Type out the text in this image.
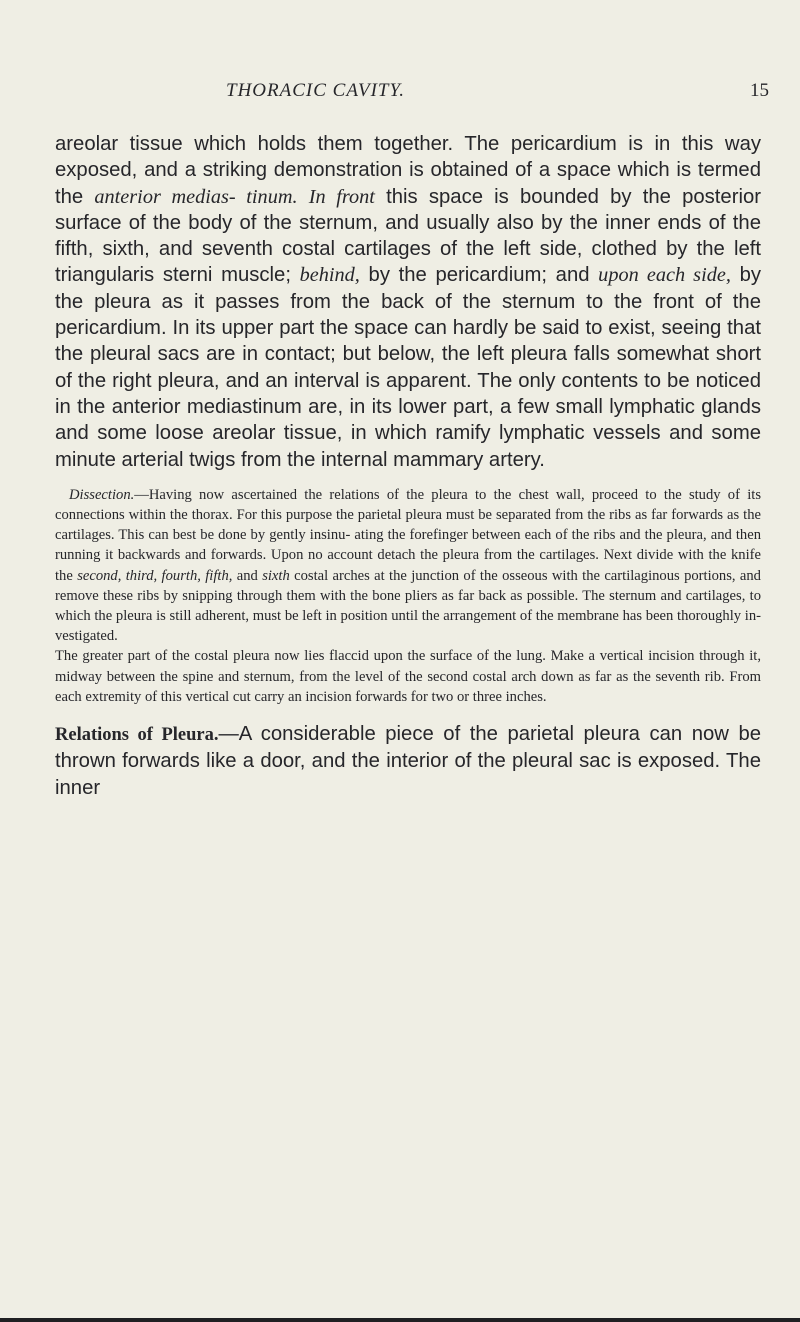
THORACIC CAVITY.	15

areolar tissue which holds them together. The pericardium is in this way exposed, and a striking demonstration is obtained of a space which is termed the anterior medias- tinum. In front this space is bounded by the posterior surface of the body of the sternum, and usually also by the inner ends of the fifth, sixth, and seventh costal cartilages of the left side, clothed by the left triangularis sterni muscle; behind, by the pericardium; and upon each side, by the pleura as it passes from the back of the sternum to the front of the pericardium. In its upper part the space can hardly be said to exist, seeing that the pleural sacs are in contact; but below, the left pleura falls somewhat short of the right pleura, and an interval is apparent. The only contents to be noticed in the anterior mediastinum are, in its lower part, a few small lymphatic glands and some loose areolar tissue, in which ramify lymphatic vessels and some minute arterial twigs from the internal mammary artery.

Dissection.—Having now ascertained the relations of the pleura to the chest wall, proceed to the study of its connections within the thorax. For this purpose the parietal pleura must be separated from the ribs as far forwards as the cartilages. This can best be done by gently insinu- ating the forefinger between each of the ribs and the pleura, and then running it backwards and forwards. Upon no account detach the pleura from the cartilages. Next divide with the knife the second, third, fourth, fifth, and sixth costal arches at the junction of the osseous with the cartilaginous portions, and remove these ribs by snipping through them with the bone pliers as far back as possible. The sternum and cartilages, to which the pleura is still adherent, must be left in position until the arrangement of the membrane has been thoroughly in- vestigated.

The greater part of the costal pleura now lies flaccid upon the surface of the lung. Make a vertical incision through it, midway between the spine and sternum, from the level of the second costal arch down as far as the seventh rib. From each extremity of this vertical cut carry an incision forwards for two or three inches.

Relations of Pleura.—A considerable piece of the parietal pleura can now be thrown forwards like a door, and the interior of the pleural sac is exposed. The inner
